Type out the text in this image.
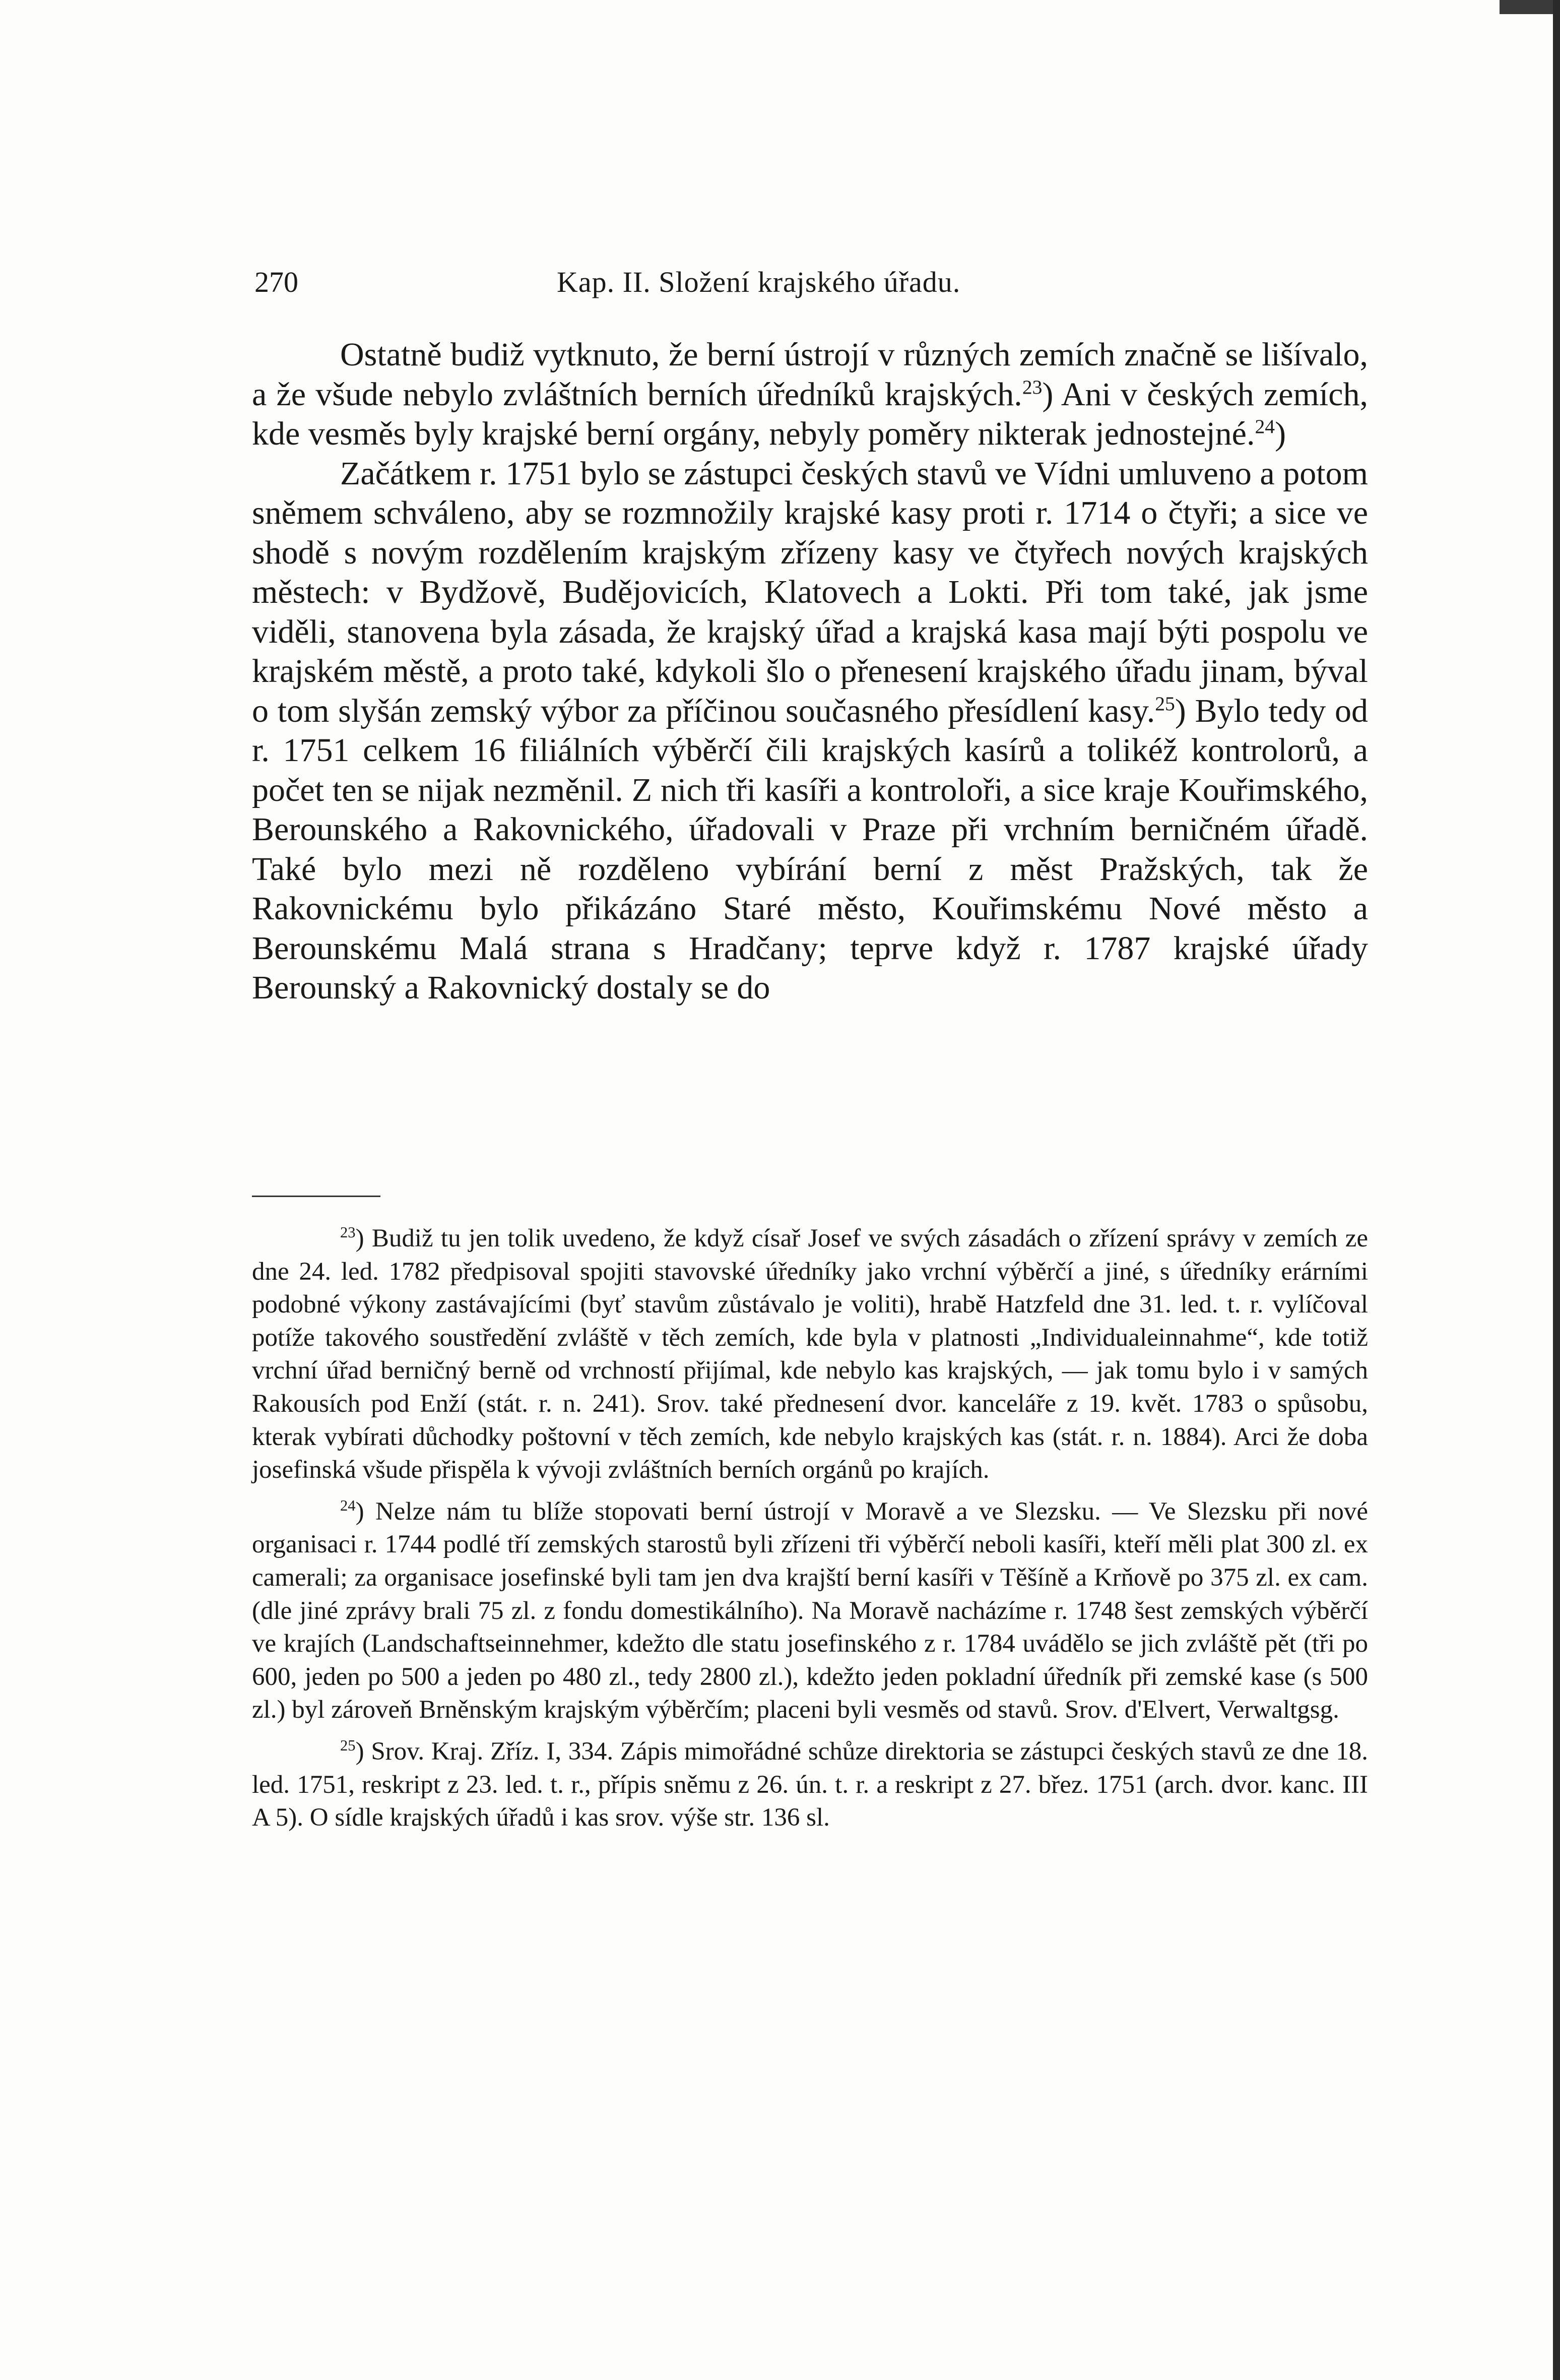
270	Kap. II. Složení krajského úřadu.

Ostatně budiž vytknuto, že berní ústrojí v různých zemích značně se lišívalo, a že všude nebylo zvláštních berních úředníků krajských.$^{23}$) Ani v českých zemích, kde vesměs byly krajské berní orgány, nebyly poměry nikterak jednostejné.$^{24}$)

Začátkem r. 1751 bylo se zástupci českých stavů ve Vídni umluveno a potom sněmem schváleno, aby se rozmnožily krajské kasy proti r. 1714 o čtyři; a sice ve shodě s novým rozdělením krajským zřízeny kasy ve čtyřech nových krajských městech: v Bydžově, Budějovicích, Klatovech a Lokti. Při tom také, jak jsme viděli, stanovena byla zásada, že krajský úřad a krajská kasa mají býti pospolu ve krajském městě, a proto také, kdykoli šlo o přenesení krajského úřadu jinam, býval o tom slyšán zemský výbor za příčinou současného přesídlení kasy.$^{25}$) Bylo tedy od r. 1751 celkem 16 filiálních výběrčí čili krajských kasírů a tolikéž kontrolorů, a počet ten se nijak nezměnil. Z nich tři kasíři a kontroloři, a sice kraje Kouřimského, Berounského a Rakovnického, úřadovali v Praze při vrchním berničném úřadě. Také bylo mezi ně rozděleno vybírání berní z měst Pražských, tak že Rakovnickému bylo přikázáno Staré město, Kouřimskému Nové město a Berounskému Malá strana s Hradčany; teprve když r. 1787 krajské úřady Berounský a Rakovnický dostaly se do

$^{23}$) Budiž tu jen tolik uvedeno, že když císař Josef ve svých zásadách o zřízení správy v zemích ze dne 24. led. 1782 předpisoval spojiti stavovské úředníky jako vrchní výběrčí a jiné, s úředníky erárními podobné výkony zastávajícími (byť stavům zůstávalo je voliti), hrabě Hatzfeld dne 31. led. t. r. vylíčoval potíže takového soustředění zvláště v těch zemích, kde byla v platnosti „Individualeinnahme“, kde totiž vrchní úřad berničný berně od vrchností přijímal, kde nebylo kas krajských, — jak tomu bylo i v samých Rakousích pod Enží (stát. r. n. 241). Srov. také přednesení dvor. kanceláře z 19. květ. 1783 o spůsobu, kterak vybírati důchodky poštovní v těch zemích, kde nebylo krajských kas (stát. r. n. 1884). Arci že doba josefinská všude přispěla k vývoji zvláštních berních orgánů po krajích.

$^{24}$) Nelze nám tu blíže stopovati berní ústrojí v Moravě a ve Slezsku. — Ve Slezsku při nové organisaci r. 1744 podlé tří zemských starostů byli zřízeni tři výběrčí neboli kasíři, kteří měli plat 300 zl. ex camerali; za organisace josefinské byli tam jen dva krajští berní kasíři v Těšíně a Krňově po 375 zl. ex cam. (dle jiné zprávy brali 75 zl. z fondu domestikálního). Na Moravě nacházíme r. 1748 šest zemských výběrčí ve krajích (Landschaftseinnehmer, kdežto dle statu josefinského z r. 1784 uvádělo se jich zvláště pět (tři po 600, jeden po 500 a jeden po 480 zl., tedy 2800 zl.), kdežto jeden pokladní úředník při zemské kase (s 500 zl.) byl zároveň Brněnským krajským výběrčím; placeni byli vesměs od stavů. Srov. d'Elvert, Verwaltgsg.

$^{25}$) Srov. Kraj. Zříz. I, 334. Zápis mimořádné schůze direktoria se zástupci českých stavů ze dne 18. led. 1751, reskript z 23. led. t. r., přípis sněmu z 26. ún. t. r. a reskript z 27. břez. 1751 (arch. dvor. kanc. III A 5). O sídle krajských úřadů i kas srov. výše str. 136 sl.
